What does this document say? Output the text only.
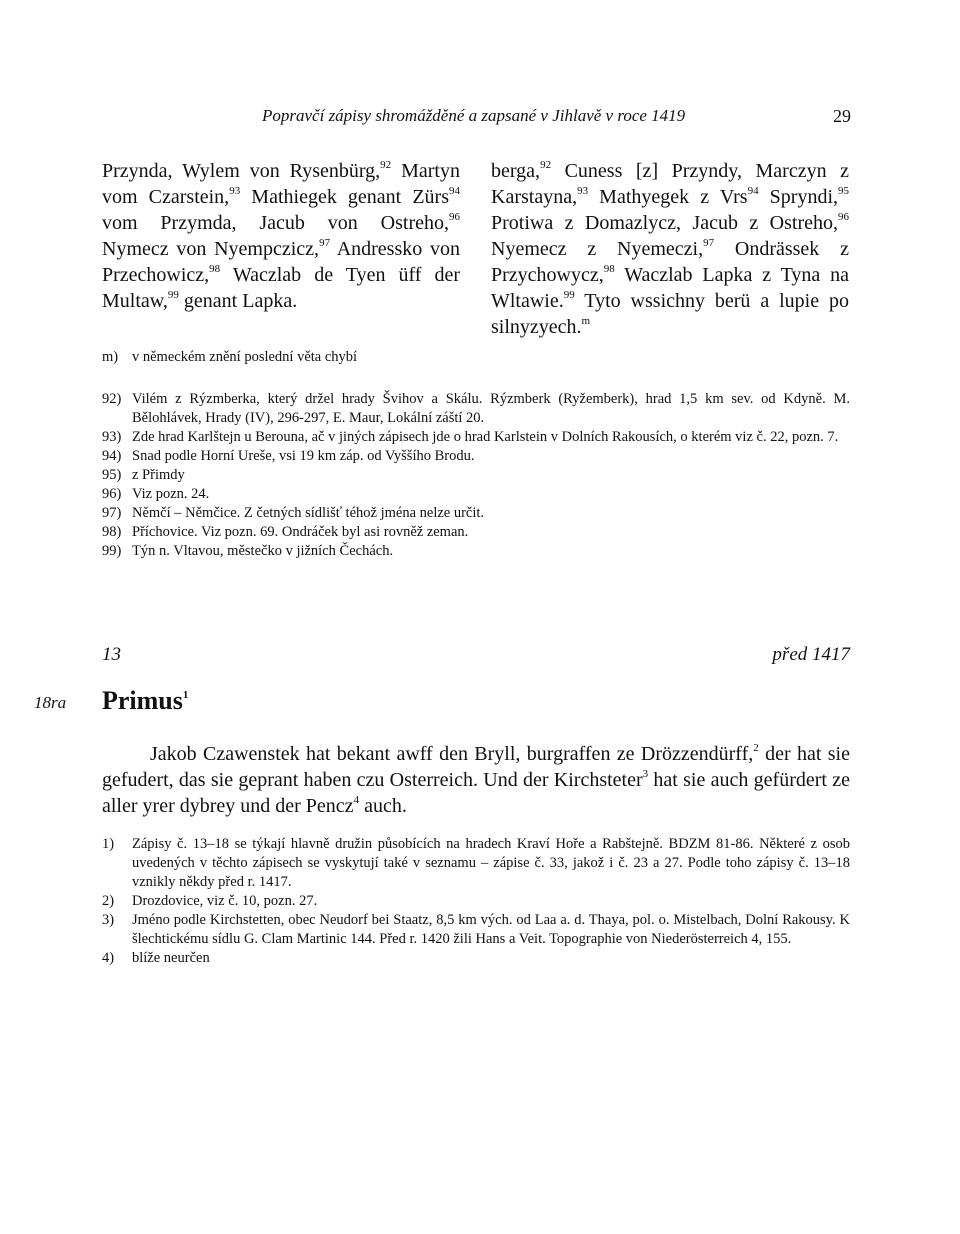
Popravčí zápisy shromážděné a zapsané v Jihlavě v roce 1419	29

Przynda, Wylem von Rysenbürg,$^{92}$ Martyn vom Czarstein,$^{93}$ Mathiegek genant Zürs$^{94}$ vom Przymda, Jacub von Ostreho,$^{96}$ Nymecz von Nyempczicz,$^{97}$ Andressko von Przechowicz,$^{98}$ Waczlab de Tyen üff der Multaw,$^{99}$ genant Lapka.

berga,$^{92}$ Cuness [z] Przyndy, Marczyn z Karstayna,$^{93}$ Mathyegek z Vrs$^{94}$ Spryndi,$^{95}$ Protiwa z Domazlycz, Jacub z Ostreho,$^{96}$ Nyemecz z Nyemeczi,$^{97}$ Ondrässek z Przychowycz,$^{98}$ Waczlab Lapka z Tyna na Wltawie.$^{99}$ Tyto wssichny berü a lupie po silnyzyech.$^m$

m) v německém znění poslední věta chybí
92) Vilém z Rýzmberka, který držel hrady Švihov a Skálu. Rýzmberk (Ryžemberk), hrad 1,5 km sev. od Kdyně. M. Bělohlávek, Hrady (IV), 296-297, E. Maur, Lokální záští 20.
93) Zde hrad Karlštejn u Berouna, ač v jiných zápisech jde o hrad Karlstein v Dolních Rakousích, o kterém viz č. 22, pozn. 7.
94) Snad podle Horní Ureše, vsi 19 km záp. od Vyššího Brodu.
95) z Přimdy
96) Viz pozn. 24.
97) Němčí – Němčice. Z četných sídlišť téhož jména nelze určit.
98) Příchovice. Viz pozn. 69. Ondráček byl asi rovněž zeman.
99) Týn n. Vltavou, městečko v jižních Čechách.
13	před 1417
18ra Primus$^1$

Jakob Czawenstek hat bekant awff den Bryll, burgraffen ze Drözzendürff,$^2$ der hat sie gefudert, das sie geprant haben czu Osterreich. Und der Kirchsteter$^3$ hat sie auch gefürdert ze aller yrer dybrey und der Pencz$^4$ auch.

1)	Zápisy č. 13–18 se týkají hlavně družin působících na hradech Kraví Hoře a Rabštejně. BDZM 81-86. Některé z osob uvedených v těchto zápisech se vyskytují také v seznamu – zápise č. 33, jakož i č. 23 a 27. Podle toho zápisy č. 13–18 vznikly někdy před r. 1417.
2)	Drozdovice, viz č. 10, pozn. 27.
3)	Jméno podle Kirchstetten, obec Neudorf bei Staatz, 8,5 km vých. od Laa a. d. Thaya, pol. o. Mistelbach, Dolní Rakousy. K šlechtickému sídlu G. Clam Martinic 144. Před r. 1420 žili Hans a Veit. Topographie von Niederösterreich 4, 155.
4)	blíže neurčen
